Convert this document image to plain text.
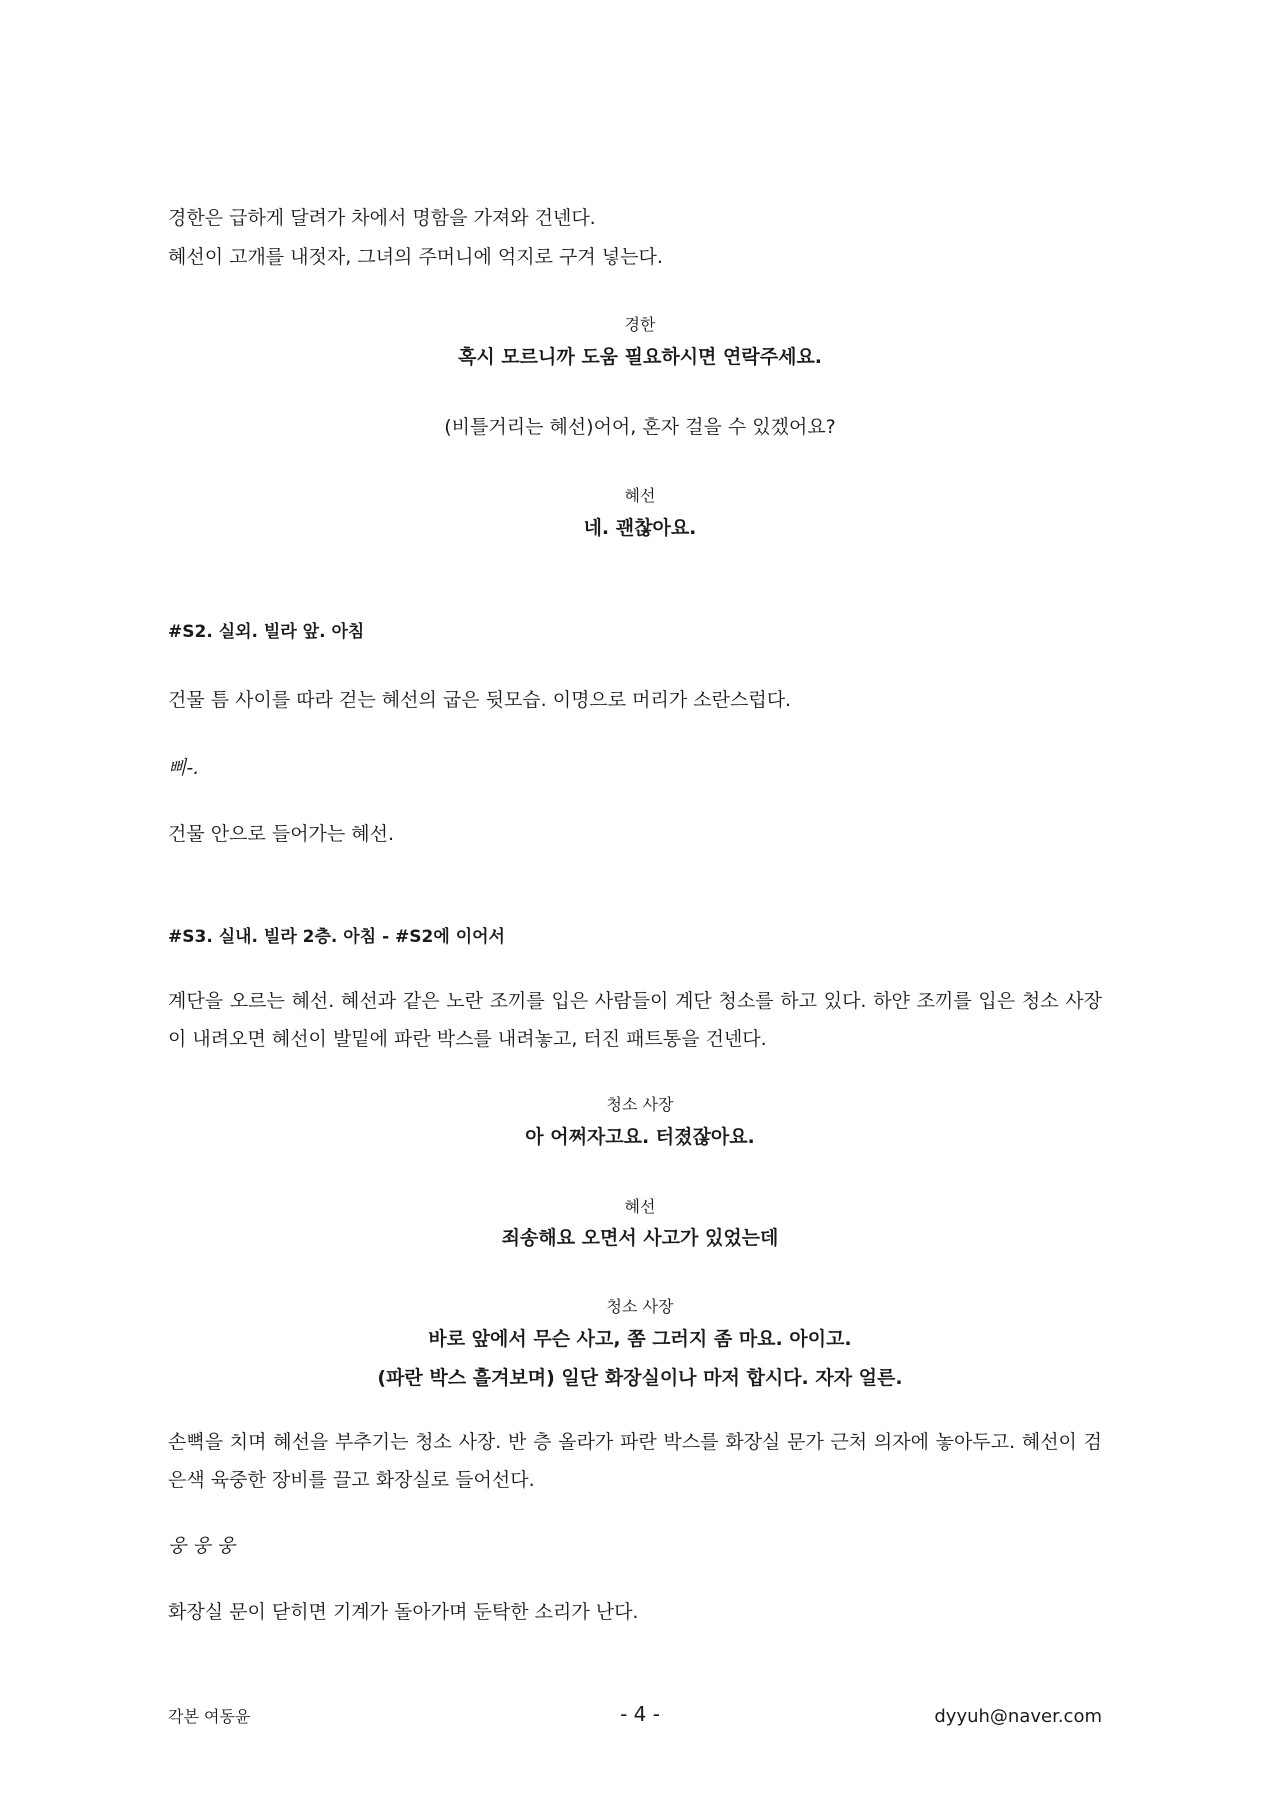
경한은 급하게 달려가 차에서 명함을 가져와 건넨다.
혜선이 고개를 내젓자, 그녀의 주머니에 억지로 구겨 넣는다.
경한
혹시 모르니까 도움 필요하시면 연락주세요.
(비틀거리는 혜선)어어, 혼자 걸을 수 있겠어요?
혜선
네. 괜찮아요.
#S2. 실외. 빌라 앞. 아침
건물 틈 사이를 따라 걷는 혜선의 굽은 뒷모습. 이명으로 머리가 소란스럽다.
삐-.
건물 안으로 들어가는 혜선.
#S3. 실내. 빌라 2층. 아침 - #S2에 이어서
계단을 오르는 혜선. 혜선과 같은 노란 조끼를 입은 사람들이 계단 청소를 하고 있다. 하얀 조끼를 입은 청소 사장이 내려오면 혜선이 발밑에 파란 박스를 내려놓고, 터진 패트통을 건넨다.
청소 사장
아 어쩌자고요. 터졌잖아요.
혜선
죄송해요 오면서 사고가 있었는데
청소 사장
바로 앞에서 무슨 사고, 쫌 그러지 좀 마요. 아이고.
(파란 박스 흘겨보며) 일단 화장실이나 마저 합시다. 자자 얼른.
손뼉을 치며 혜선을 부추기는 청소 사장. 반 층 올라가 파란 박스를 화장실 문가 근처 의자에 놓아두고. 혜선이 검은색 육중한 장비를 끌고 화장실로 들어선다.
웅 웅 웅
화장실 문이 닫히면 기계가 돌아가며 둔탁한 소리가 난다.
각본 여동윤	- 4 -	dyyuh@naver.com
